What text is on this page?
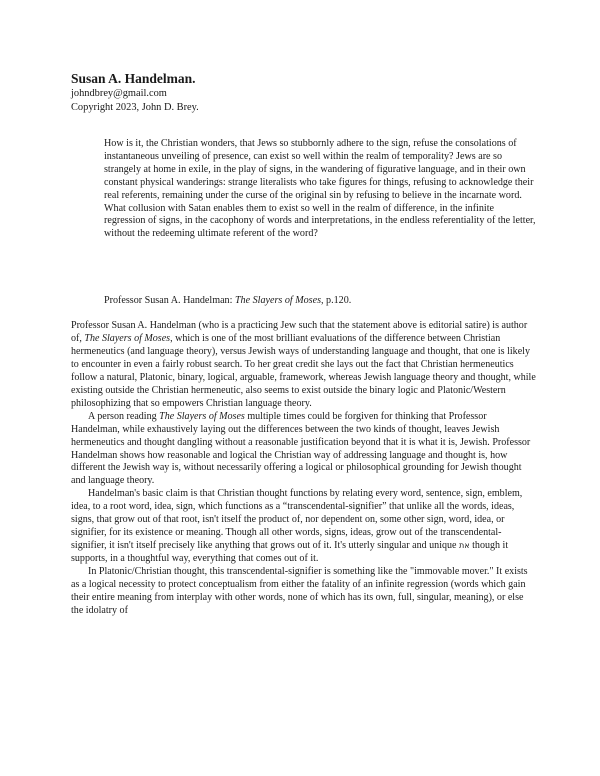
Susan A. Handelman.

johndbrey@gmail.com

Copyright 2023, John D. Brey.

How is it, the Christian wonders, that Jews so stubbornly adhere to the sign, refuse the consolations of instantaneous unveiling of presence, can exist so well within the realm of temporality? Jews are so strangely at home in exile, in the play of signs, in the wandering of figurative language, and in their own constant physical wanderings: strange literalists who take figures for things, refusing to acknowledge their real referents, remaining under the curse of the original sin by refusing to believe in the incarnate word. What collusion with Satan enables them to exist so well in the realm of difference, in the infinite regression of signs, in the cacophony of words and interpretations, in the endless referentiality of the letter, without the redeeming ultimate referent of the word?

Professor Susan A. Handelman: The Slayers of Moses, p.120.

Professor Susan A. Handelman (who is a practicing Jew such that the statement above is editorial satire) is author of, The Slayers of Moses, which is one of the most brilliant evaluations of the difference between Christian hermeneutics (and language theory), versus Jewish ways of understanding language and thought, that one is likely to encounter in even a fairly robust search. To her great credit she lays out the fact that Christian hermeneutics follow a natural, Platonic, binary, logical, arguable, framework, whereas Jewish language theory and thought, while existing outside the Christian hermeneutic, also seems to exist outside the binary logic and Platonic/Western philosophizing that so empowers Christian language theory.

A person reading The Slayers of Moses multiple times could be forgiven for thinking that Professor Handelman, while exhaustively laying out the differences between the two kinds of thought, leaves Jewish hermeneutics and thought dangling without a reasonable justification beyond that it is what it is, Jewish. Professor Handelman shows how reasonable and logical the Christian way of addressing language and thought is, how different the Jewish way is, without necessarily offering a logical or philosophical grounding for Jewish thought and language theory.

Handelman's basic claim is that Christian thought functions by relating every word, sentence, sign, emblem, idea, to a root word, idea, sign, which functions as a “transcendental-signifier” that unlike all the words, ideas, signs, that grow out of that root, isn't itself the product of, nor dependent on, some other sign, word, idea, or signifier, for its existence or meaning. Though all other words, signs, ideas, grow out of the transcendental-signifier, it isn't itself precisely like anything that grows out of it. It's utterly singular and unique את though it supports, in a thoughtful way, everything that comes out of it.

In Platonic/Christian thought, this transcendental-signifier is something like the "immovable mover." It exists as a logical necessity to protect conceptualism from either the fatality of an infinite regression (words which gain their entire meaning from interplay with other words, none of which has its own, full, singular, meaning), or else the idolatry of
